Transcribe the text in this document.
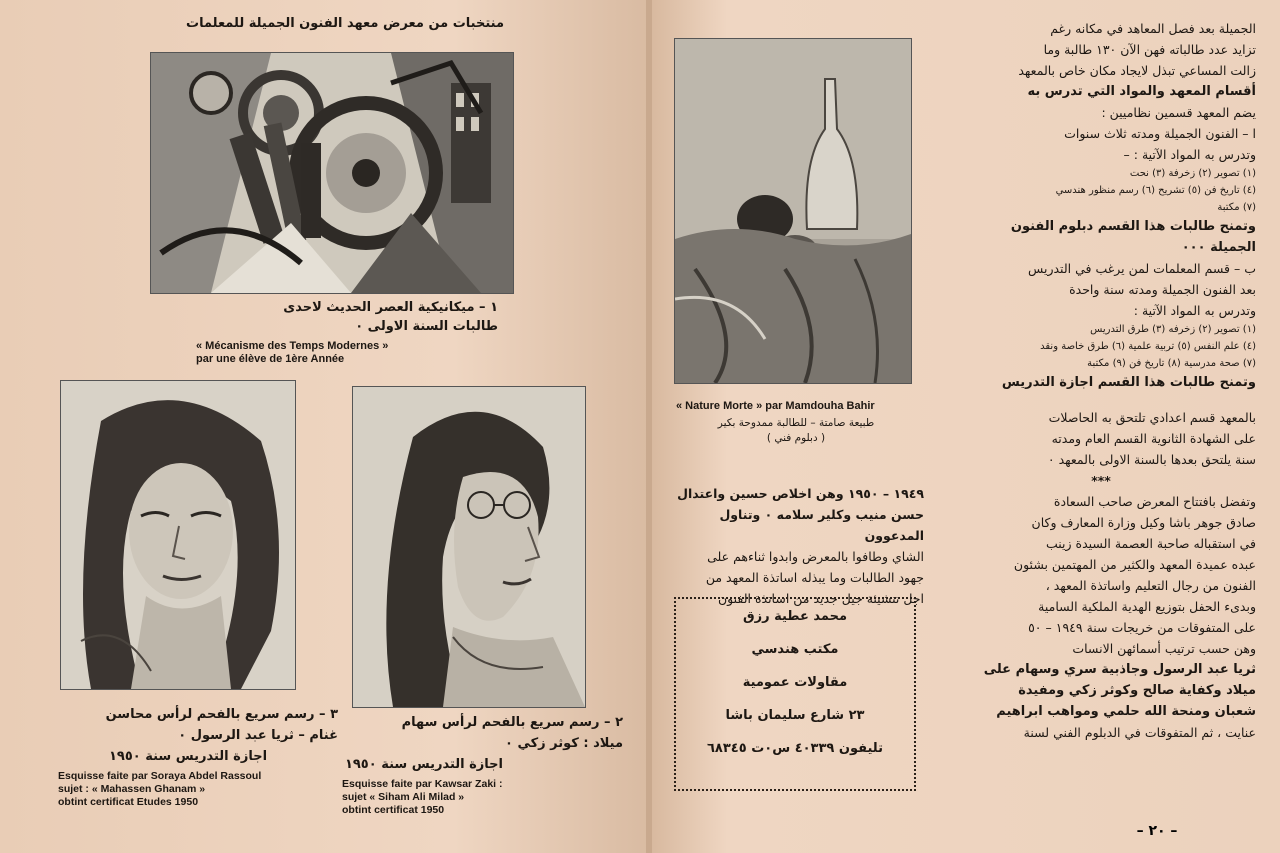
منتخبات من معرض معهد الفنون الجميلة للمعلمات
١ – ميكانيكية العصر الحديث لاحدى
طالبات السنة الاولى ٠
« Mécanisme des Temps Modernes »
par une élève de 1ère Année
٣ – رسم سريع بالفحم لرأس محاسن
غنام – ثريا عبد الرسول ٠
اجازة التدريس سنة ١٩٥٠
Esquisse faite par Soraya Abdel Rassoul
sujet : « Mahassen Ghanam »
obtint certificat Etudes 1950
٢ – رسم سريع بالفحم لرأس سهام
ميلاد : كوثر زكي ٠
اجازة التدريس سنة ١٩٥٠
Esquisse faite par Kawsar Zaki :
sujet « Siham Ali Milad »
obtint certificat 1950
« Nature Morte » par Mamdouha Bahir
طبيعة صامتة – للطالبة ممدوحة بكير
( دبلوم فني )
١٩٤٩ – ١٩٥٠ وهن اخلاص حسين واعتدال
حسن منيب وكلير سلامه ٠ وتناول المدعوون
الشاي وطافوا بالمعرض وابدوا ثناءهم على
جهود الطالبات وما يبذله اساتذة المعهد من
اجل تنشيئة جيل جديد من اساتذة الفنون
محمد عطية رزق
مكتب هندسي
مقاولات عمومية
٢٣ شارع سليمان باشا
تليفون ٤٠٣٣٩ س٠ت ٦٨٣٤٥
الجميلة بعد فصل المعاهد في مكانه رغم
تزايد عدد طالباته فهن الآن ١٣٠ طالبة وما
زالت المساعي تبذل لايجاد مكان خاص بالمعهد
أقسام المعهد والمواد التي تدرس به
يضم المعهد قسمين نظاميين :
ا – الفنون الجميلة ومدته ثلاث سنوات
وتدرس به المواد الآتية : –
(١) تصوير (٢) زخرفة (٣) نحت
(٤) تاريخ فن (٥) تشريح (٦) رسم منظور هندسي
(٧) مكتبة
وتمنح طالبات هذا القسم دبلوم الفنون
الجميلة ٠٠٠
ب – قسم المعلمات لمن يرغب في التدريس
بعد الفنون الجميلة ومدته سنة واحدة
وتدرس به المواد الآتية :
(١) تصوير (٢) زخرفه (٣) طرق التدريس
(٤) علم النفس (٥) تربية علمية (٦) طرق خاصة ونقد
(٧) صحة مدرسية (٨) تاريخ فن (٩) مكتبة
وتمنح طالبات هذا القسم اجازة التدريس
بالمعهد قسم اعدادي تلتحق به الحاصلات
على الشهادة الثانوية القسم العام ومدته
سنة يلتحق بعدها بالسنة الاولى بالمعهد ٠
***
وتفضل بافتتاح المعرض صاحب السعادة
صادق جوهر باشا وكيل وزارة المعارف وكان
في استقباله صاحبة العصمة السيدة زينب
عبده عميدة المعهد والكثير من المهتمين بشئون
الفنون من رجال التعليم واساتذة المعهد ،
وبدىء الحفل بتوزيع الهدية الملكية السامية
على المتفوقات من خريجات سنة ١٩٤٩ – ٥٠
وهن حسب ترتيب أسمائهن الانسات
ثريا عبد الرسول وجاذبية سري وسهام على
ميلاد وكفاية صالح وكوثر زكي ومفيدة
شعبان ومنحة الله حلمي ومواهب ابراهيم
عنايت ، ثم المتفوقات في الدبلوم الفني لسنة
– ٢٠ –
